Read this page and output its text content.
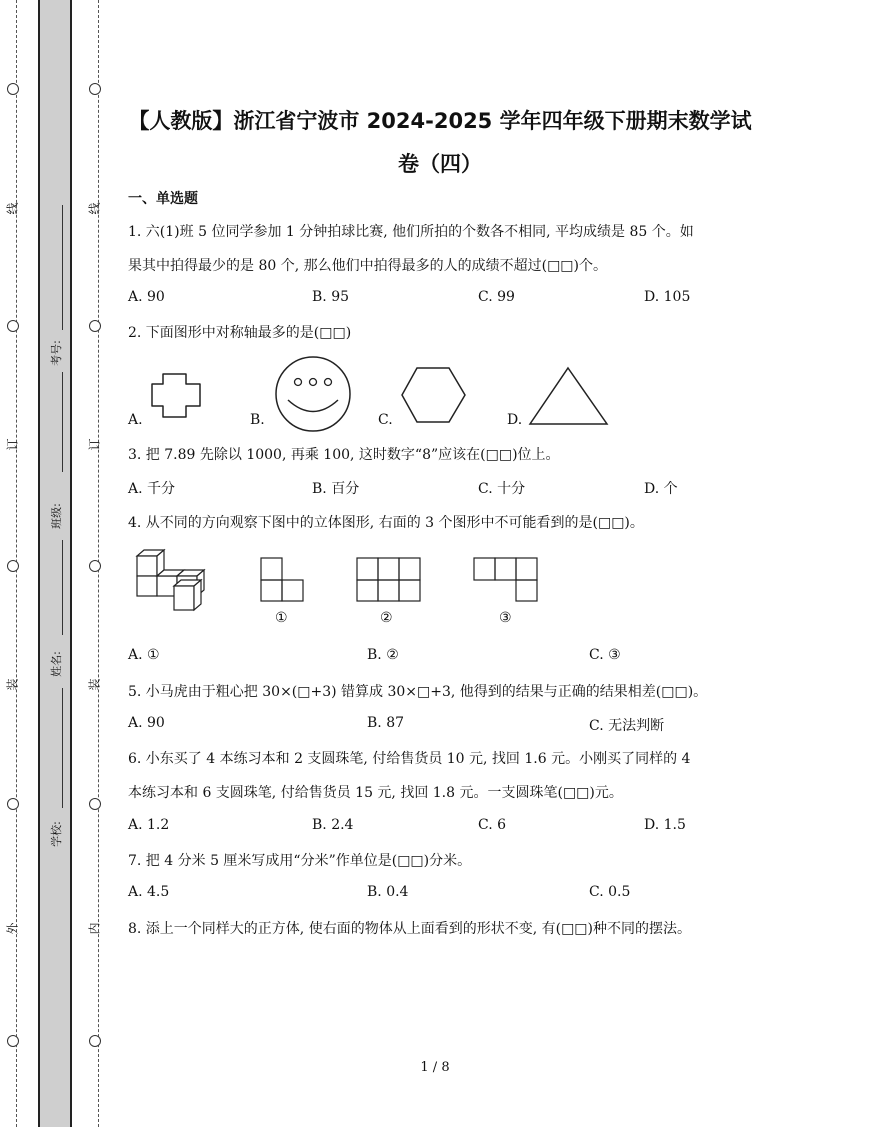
线
订
装
外
线
订
装
内
考号:
班级:
姓名:
学校:
【人教版】浙江省宁波市 2024-2025 学年四年级下册期末数学试
卷（四）
一、单选题
1. 六(1)班 5 位同学参加 1 分钟拍球比赛, 他们所拍的个数各不相同, 平均成绩是 85 个。如
果其中拍得最少的是 80 个, 那么他们中拍得最多的人的成绩不超过(□□)个。
A. 90	B. 95	C. 99	D. 105
2. 下面图形中对称轴最多的是(□□)
A.	B.	C.	D.
3. 把 7.89 先除以 1000, 再乘 100, 这时数字“8”应该在(□□)位上。
A. 千分	B. 百分	C. 十分	D. 个
4. 从不同的方向观察下图中的立体图形, 右面的 3 个图形中不可能看到的是(□□)。
①	②	③
A. ①	B. ②	C. ③
5. 小马虎由于粗心把 30×(□+3) 错算成 30×□+3, 他得到的结果与正确的结果相差(□□)。
A. 90	B. 87	C. 无法判断
6. 小东买了 4 本练习本和 2 支圆珠笔, 付给售货员 10 元, 找回 1.6 元。小刚买了同样的 4
本练习本和 6 支圆珠笔, 付给售货员 15 元, 找回 1.8 元。一支圆珠笔(□□)元。
A. 1.2	B. 2.4	C. 6	D. 1.5
7. 把 4 分米 5 厘米写成用“分米”作单位是(□□)分米。
A. 4.5	B. 0.4	C. 0.5
8. 添上一个同样大的正方体, 使右面的物体从上面看到的形状不变, 有(□□)种不同的摆法。
1 / 8
